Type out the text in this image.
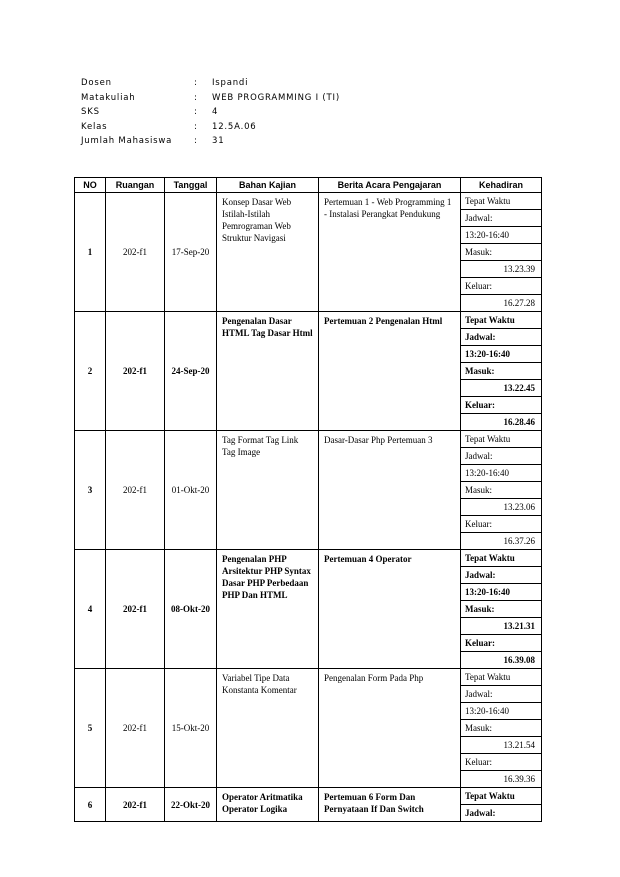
Dosen	: Ispandi
Matakuliah	: WEB PROGRAMMING I (TI)
SKS	: 4
Kelas	: 12.5A.06
Jumlah Mahasiswa	: 31
NO	Ruangan	Tanggal	Bahan Kajian	Berita Acara Pengajaran	Kehadiran
1	202-f1	17-Sep-20	Konsep Dasar Web Istilah-Istilah Pemrograman Web Struktur Navigasi	Pertemuan 1 - Web Programming 1 - Instalasi Perangkat Pendukung	Tepat Waktu
					Jadwal:
					13:20-16:40
					Masuk:
					13.23.39
					Keluar:
					16.27.28
2	202-f1	24-Sep-20	Pengenalan Dasar HTML Tag Dasar Html	Pertemuan 2 Pengenalan Html	Tepat Waktu
					Jadwal:
					13:20-16:40
					Masuk:
					13.22.45
					Keluar:
					16.28.46
3	202-f1	01-Okt-20	Tag Format Tag Link Tag Image	Dasar-Dasar Php Pertemuan 3	Tepat Waktu
					Jadwal:
					13:20-16:40
					Masuk:
					13.23.06
					Keluar:
					16.37.26
4	202-f1	08-Okt-20	Pengenalan PHP Arsitektur PHP Syntax Dasar PHP Perbedaan PHP Dan HTML	Pertemuan 4 Operator	Tepat Waktu
					Jadwal:
					13:20-16:40
					Masuk:
					13.21.31
					Keluar:
					16.39.08
5	202-f1	15-Okt-20	Variabel Tipe Data Konstanta Komentar	Pengenalan Form Pada Php	Tepat Waktu
					Jadwal:
					13:20-16:40
					Masuk:
					13.21.54
					Keluar:
					16.39.36
6	202-f1	22-Okt-20	Operator Aritmatika Operator Logika	Pertemuan 6 Form Dan Pernyataan If Dan Switch	Tepat Waktu
					Jadwal:
